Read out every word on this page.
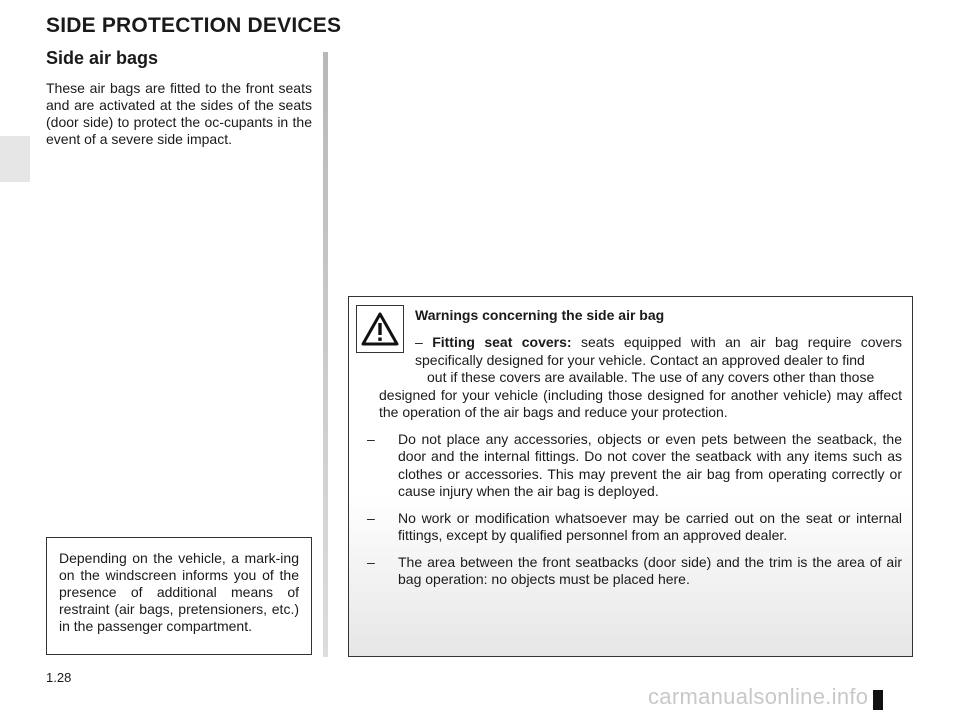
SIDE PROTECTION DEVICES
Side air bags

These air bags are fitted to the front seats and are activated at the sides of the seats (door side) to protect the oc-cupants in the event of a severe side impact.

Depending on the vehicle, a mark-ing on the windscreen informs you of the presence of additional means of restraint (air bags, pretensioners, etc.) in the passenger compartment.

Warnings concerning the side air bag

– Fitting seat covers: seats equipped with an air bag require covers specifically designed for your vehicle. Contact an approved dealer to find

out if these covers are available. The use of any covers other than those

designed for your vehicle (including those designed for another vehicle) may affect the operation of the air bags and reduce your protection.

– Do not place any accessories, objects or even pets between the seatback, the door and the internal fittings. Do not cover the seatback with any items such as clothes or accessories. This may prevent the air bag from operating correctly or cause injury when the air bag is deployed.

– No work or modification whatsoever may be carried out on the seat or internal fittings, except by qualified personnel from an approved dealer.

– The area between the front seatbacks (door side) and the trim is the area of air bag operation: no objects must be placed here.

1.28

carmanualsonline.info
